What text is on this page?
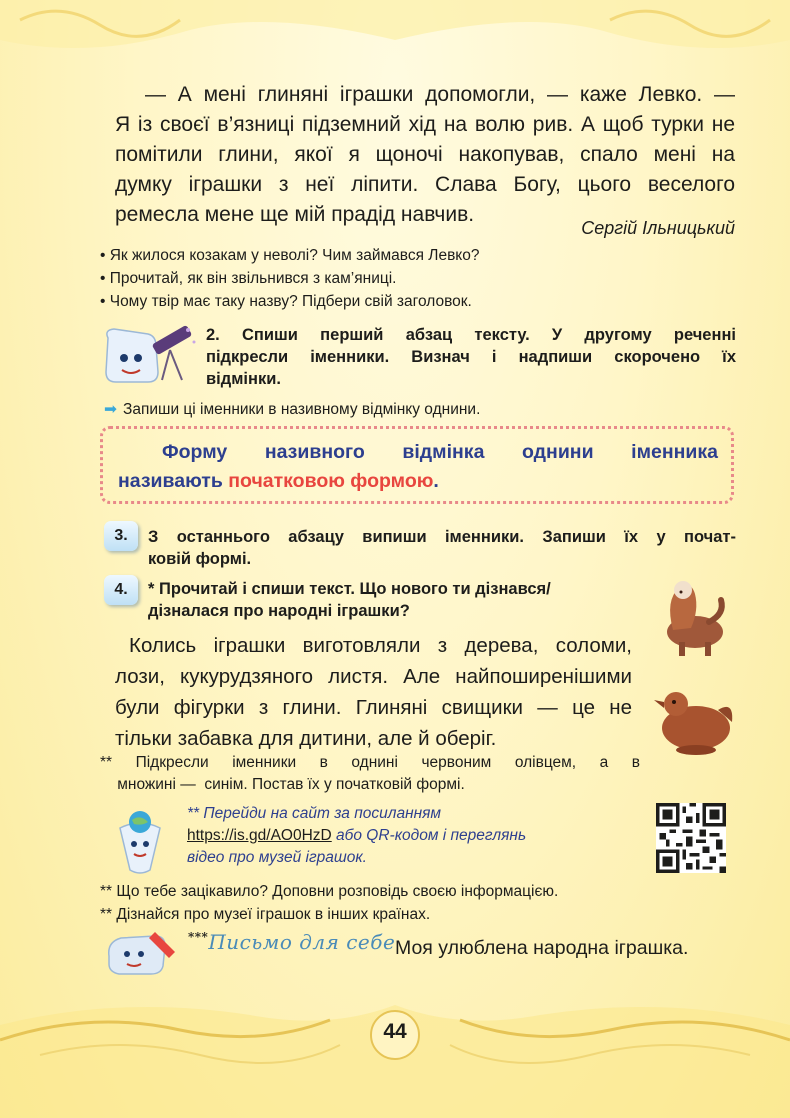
— А мені глиняні іграшки допомогли, — каже Левко. —
Я із своєї в’язниці підземний хід на волю рив. А щоб турки не
помітили глини, якої я щоночі накопував, спало мені на
думку іграшки з неї ліпити. Слава Богу, цього веселого
ремесла мене ще мій прадід навчив.
Сергій Ільницький
• Як жилося козакам у неволі? Чим займався Левко?
• Прочитай, як він звільнився з кам’яниці.
• Чому твір має таку назву? Підбери свій заголовок.
2. Спиши перший абзац тексту. У другому реченні
підкресли іменники. Визнач і надпиши скорочено їх
відмінки.
➡ Запиши ці іменники в називному відмінку однини.
Форму називного відмінка однини іменника
називають початковою формою.
3.	З останнього абзацу випиши іменники. Запиши їх у почат-
ковій формі.
4.	* Прочитай і спиши текст. Що нового ти дізнався/
дізналася про народні іграшки?
Колись іграшки виготовляли з дерева, соломи,
лози, кукурудзяного листя. Але найпоширенішими
були фігурки з глини. Глиняні свищики — це не
тільки забавка для дитини, але й оберіг.
** Підкресли іменники в однині червоним олівцем, а в
множині —  синім. Постав їх у початковій формі.
** Перейди на сайт за посиланням
https://is.gd/AO0HzD або QR-кодом і переглянь
відео про музей іграшок.
** Що тебе зацікавило? Доповни розповідь своєю інформацією.
** Дізнайся про музеї іграшок в інших країнах.
***Письмо для себе Моя улюблена народна іграшка.
44
